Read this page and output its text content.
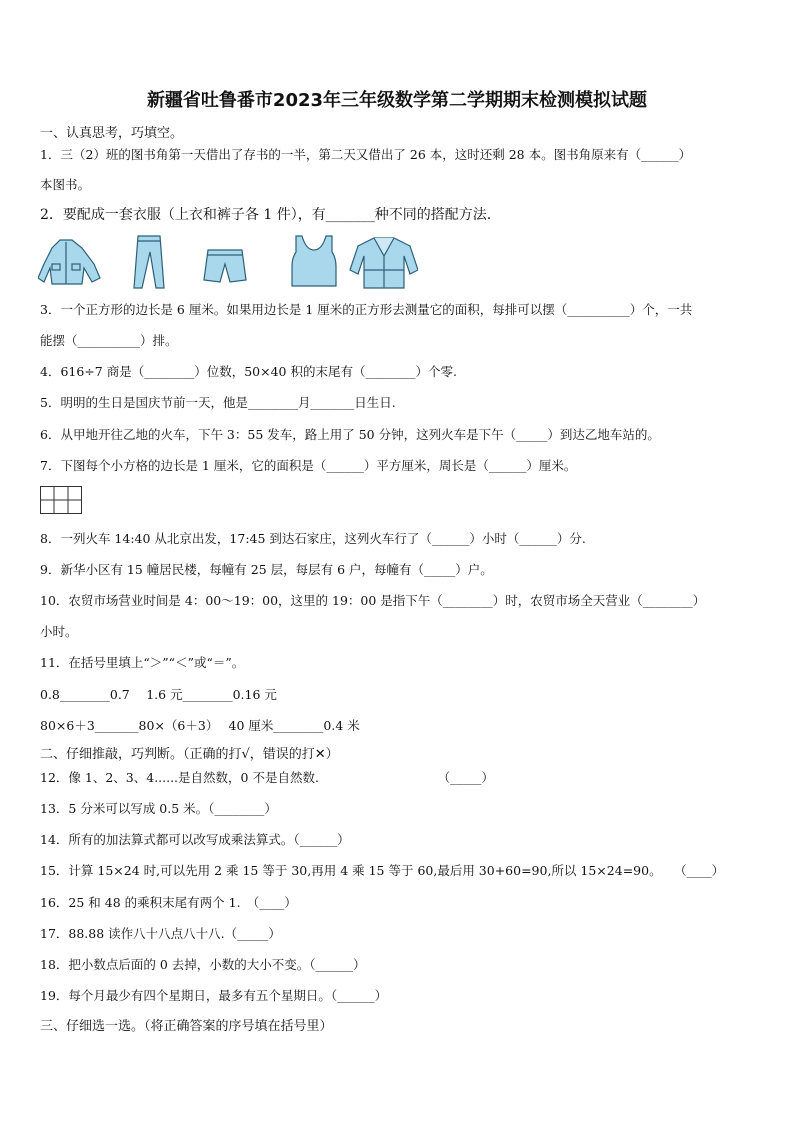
新疆省吐鲁番市2023年三年级数学第二学期期末检测模拟试题
一、认真思考，巧填空。
1．三（2）班的图书角第一天借出了存书的一半，第二天又借出了 26 本，这时还剩 28 本。图书角原来有（______）
本图书。
2．要配成一套衣服（上衣和裤子各 1 件），有_______种不同的搭配方法.
3．一个正方形的边长是 6 厘米。如果用边长是 1 厘米的正方形去测量它的面积，每排可以摆（__________）个，一共
能摆（__________）排。
4．616÷7 商是（________）位数，50×40 积的末尾有（________）个零.
5．明明的生日是国庆节前一天，他是________月_______日生日.
6．从甲地开往乙地的火车，下午 3：55 发车，路上用了 50 分钟，这列火车是下午（_____）到达乙地车站的。
7．下图每个小方格的边长是 1 厘米，它的面积是（______）平方厘米，周长是（______）厘米。
8．一列火车 14:40 从北京出发，17:45 到达石家庄，这列火车行了（______）小时（______）分.
9．新华小区有 15 幢居民楼，每幢有 25 层，每层有 6 户，每幢有（_____）户。
10．农贸市场营业时间是 4：00～19：00，这里的 19：00 是指下午（________）时，农贸市场全天营业（________）
小时。
11．在括号里填上“＞”“＜”或“＝”。
0.8________0.7　 1.6 元________0.16 元
80×6＋3_______80×（6＋3）　 40 厘米________0.4 米
二、仔细推敲，巧判断。（正确的打√，错误的打✕）
12．像 1、2、3、4......是自然数，0 不是自然数.　　　　　　　　　　（_____）
13．5 分米可以写成 0.5 米。（________）
14．所有的加法算式都可以改写成乘法算式。（______）
15．计算 15×24 时,可以先用 2 乘 15 等于 30,再用 4 乘 15 等于 60,最后用 30+60=90,所以 15×24=90。　　（____）
16．25 和 48 的乘积末尾有两个 1.　（____）
17．88.88 读作八十八点八十八.（_____）
18．把小数点后面的 0 去掉，小数的大小不变。（______）
19．每个月最少有四个星期日，最多有五个星期日。（______）
三、仔细选一选。（将正确答案的序号填在括号里）
